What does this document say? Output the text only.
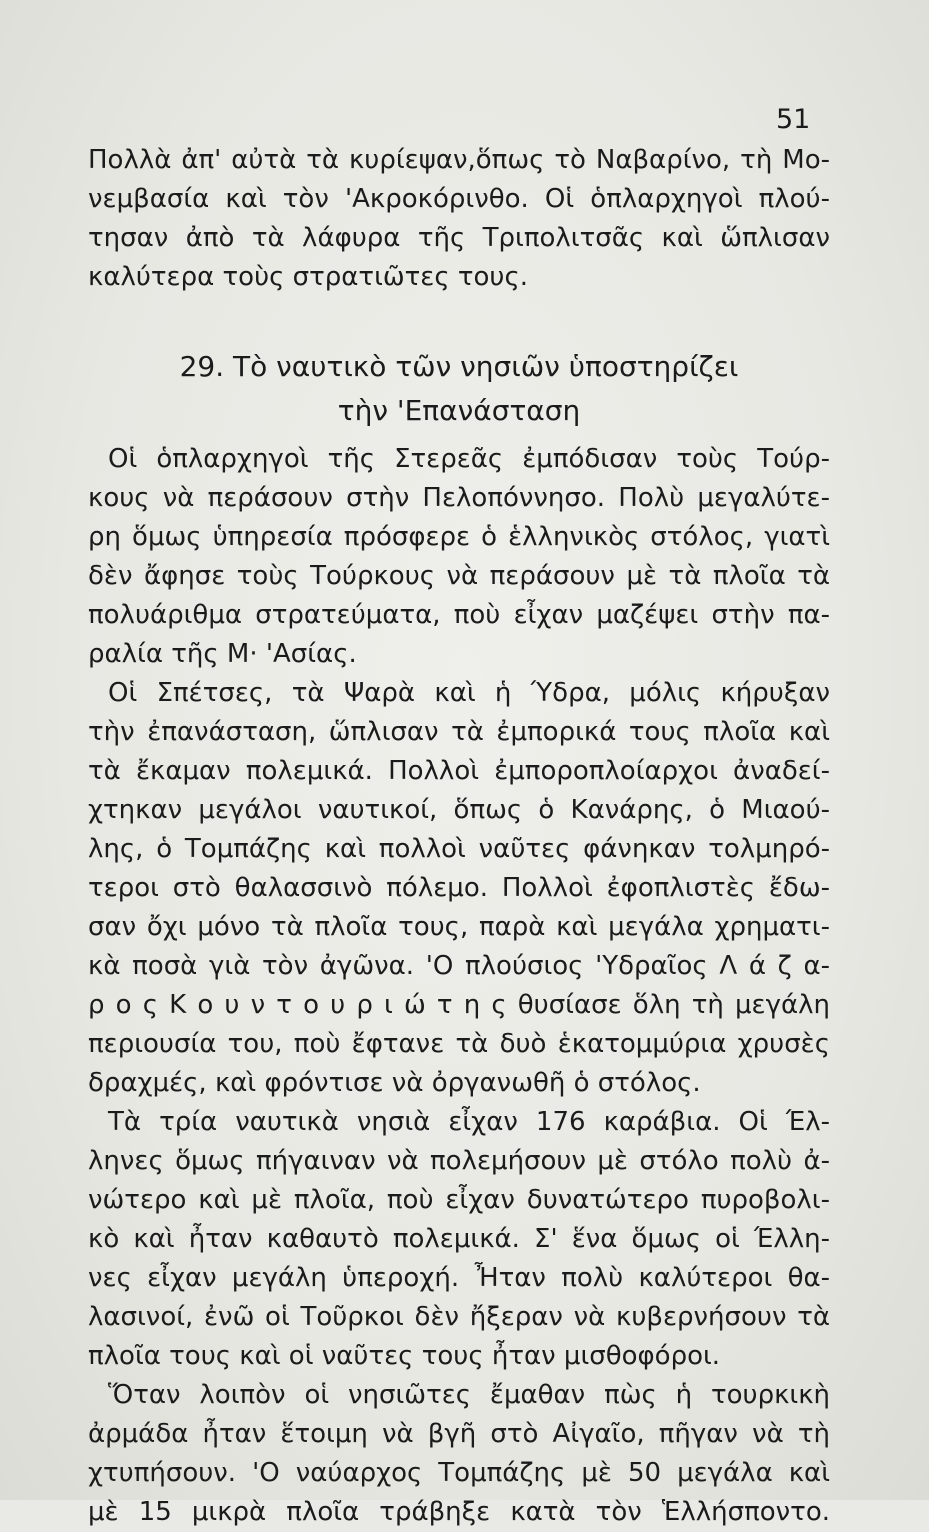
51
Πολλὰ ἀπ' αὐτὰ τὰ κυρίεψαν,ὅπως τὸ Ναβαρίνο, τὴ Μο-
νεμβασία καὶ τὸν 'Ακροκόρινθο. Οἱ ὁπλαρχηγοὶ πλού-
τησαν ἀπὸ τὰ λάφυρα τῆς Τριπολιτσᾶς καὶ ὥπλισαν
καλύτερα τοὺς στρατιῶτες τους.
29. Τὸ ναυτικὸ τῶν νησιῶν ὑποστηρίζει
τὴν 'Επανάσταση
Οἱ ὁπλαρχηγοὶ τῆς Στερεᾶς ἐμπόδισαν τοὺς Τούρ-
κους νὰ περάσουν στὴν Πελοπόννησο. Πολὺ μεγαλύτε-
ρη ὅμως ὑπηρεσία πρόσφερε ὁ ἑλληνικὸς στόλος, γιατὶ
δὲν ἄφησε τοὺς Τούρκους νὰ περάσουν μὲ τὰ πλοῖα τὰ
πολυάριθμα στρατεύματα, ποὺ εἶχαν μαζέψει στὴν πα-
ραλία τῆς Μ· 'Ασίας.
Οἱ Σπέτσες, τὰ Ψαρὰ καὶ ἡ Ύδρα, μόλις κήρυξαν
τὴν ἐπανάσταση, ὥπλισαν τὰ ἐμπορικά τους πλοῖα καὶ
τὰ ἔκαμαν πολεμικά. Πολλοὶ ἐμποροπλοίαρχοι ἀναδεί-
χτηκαν μεγάλοι ναυτικοί, ὅπως ὁ Κανάρης, ὁ Μιαού-
λης, ὁ Τομπάζης καὶ πολλοὶ ναῦτες φάνηκαν τολμηρό-
τεροι στὸ θαλασσινὸ πόλεμο. Πολλοὶ ἐφοπλιστὲς ἔδω-
σαν ὄχι μόνο τὰ πλοῖα τους, παρὰ καὶ μεγάλα χρηματι-
κὰ ποσὰ γιὰ τὸν ἀγῶνα. 'Ο πλούσιος 'Υδραῖος Λ ά ζ α-
ρ ο ς Κ ο υ ν τ ο υ ρ ι ώ τ η ς θυσίασε ὅλη τὴ μεγάλη
περιουσία του, ποὺ ἔφτανε τὰ δυὸ ἑκατομμύρια χρυσὲς
δραχμές, καὶ φρόντισε νὰ ὀργανωθῆ ὁ στόλος.
Τὰ τρία ναυτικὰ νησιὰ εἶχαν 176 καράβια. Οἱ Έλ-
ληνες ὅμως πήγαιναν νὰ πολεμήσουν μὲ στόλο πολὺ ἀ-
νώτερο καὶ μὲ πλοῖα, ποὺ εἶχαν δυνατώτερο πυροβολι-
κὸ καὶ ἦταν καθαυτὸ πολεμικά. Σ' ἕνα ὅμως οἱ Έλλη-
νες εἶχαν μεγάλη ὑπεροχή. Ἦταν πολὺ καλύτεροι θα-
λασινοί, ἐνῶ οἱ Τοῦρκοι δὲν ἤξεραν νὰ κυβερνήσουν τὰ
πλοῖα τους καὶ οἱ ναῦτες τους ἦταν μισθοφόροι.
Ὅταν λοιπὸν οἱ νησιῶτες ἔμαθαν πὼς ἡ τουρκικὴ
ἀρμάδα ἦταν ἕτοιμη νὰ βγῆ στὸ Αἰγαῖο, πῆγαν νὰ τὴ
χτυπήσουν. 'Ο ναύαρχος Τομπάζης μὲ 50 μεγάλα καὶ
μὲ 15 μικρὰ πλοῖα τράβηξε κατὰ τὸν Ἑλλήσποντο.
